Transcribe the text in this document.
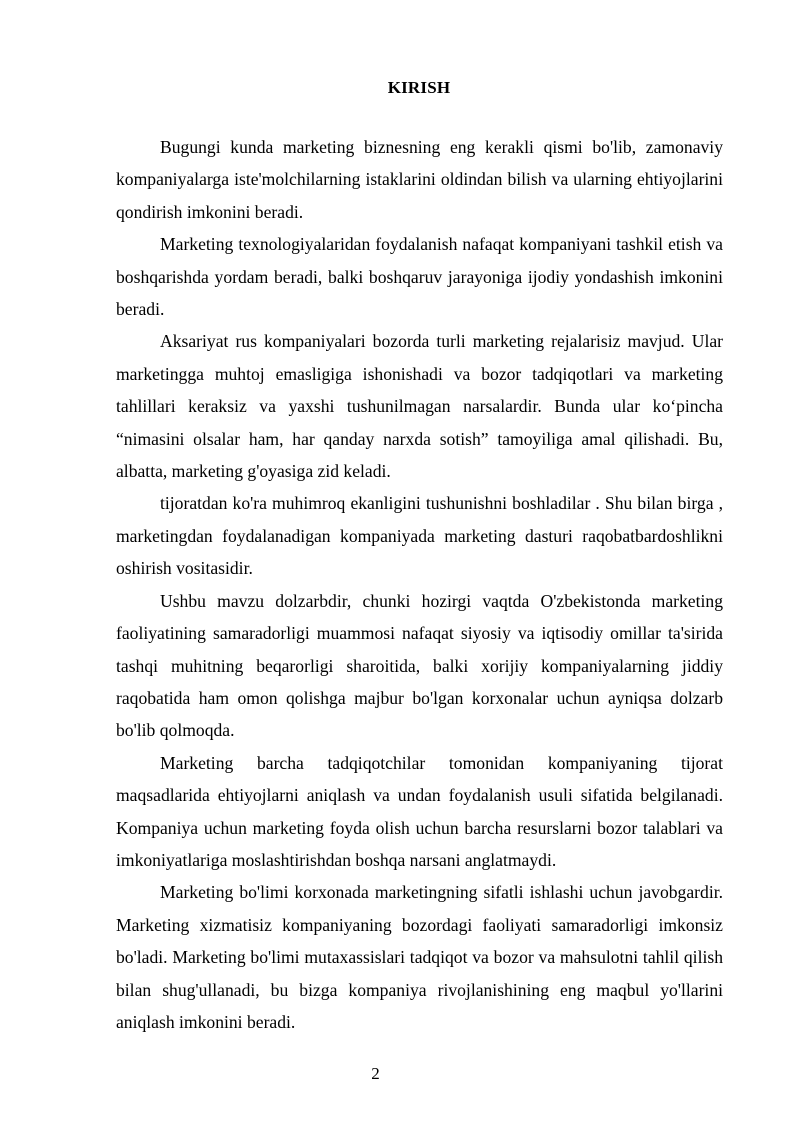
KIRISH

Bugungi kunda marketing biznesning eng kerakli qismi bo'lib, zamonaviy kompaniyalarga iste'molchilarning istaklarini oldindan bilish va ularning ehtiyojlarini qondirish imkonini beradi.

Marketing texnologiyalaridan foydalanish nafaqat kompaniyani tashkil etish va boshqarishda yordam beradi, balki boshqaruv jarayoniga ijodiy yondashish imkonini beradi.

Aksariyat rus kompaniyalari bozorda turli marketing rejalarisiz mavjud. Ular marketingga muhtoj emasligiga ishonishadi va bozor tadqiqotlari va marketing tahlillari keraksiz va yaxshi tushunilmagan narsalardir. Bunda ular koʻpincha “nimasini olsalar ham, har qanday narxda sotish” tamoyiliga amal qilishadi. Bu, albatta, marketing g'oyasiga zid keladi.

tijoratdan ko'ra muhimroq ekanligini tushunishni boshladilar . Shu bilan birga , marketingdan foydalanadigan kompaniyada marketing dasturi raqobatbardoshlikni oshirish vositasidir.

Ushbu mavzu dolzarbdir, chunki hozirgi vaqtda O'zbekistonda marketing faoliyatining samaradorligi muammosi nafaqat siyosiy va iqtisodiy omillar ta'sirida tashqi muhitning beqarorligi sharoitida, balki xorijiy kompaniyalarning jiddiy raqobatida ham omon qolishga majbur bo'lgan korxonalar uchun ayniqsa dolzarb bo'lib qolmoqda.

Marketing barcha tadqiqotchilar tomonidan kompaniyaning tijorat maqsadlarida ehtiyojlarni aniqlash va undan foydalanish usuli sifatida belgilanadi. Kompaniya uchun marketing foyda olish uchun barcha resurslarni bozor talablari va imkoniyatlariga moslashtirishdan boshqa narsani anglatmaydi.

Marketing bo'limi korxonada marketingning sifatli ishlashi uchun javobgardir. Marketing xizmatisiz kompaniyaning bozordagi faoliyati samaradorligi imkonsiz bo'ladi. Marketing bo'limi mutaxassislari tadqiqot va bozor va mahsulotni tahlil qilish bilan shug'ullanadi, bu bizga kompaniya rivojlanishining eng maqbul yo'llarini aniqlash imkonini beradi.

2
